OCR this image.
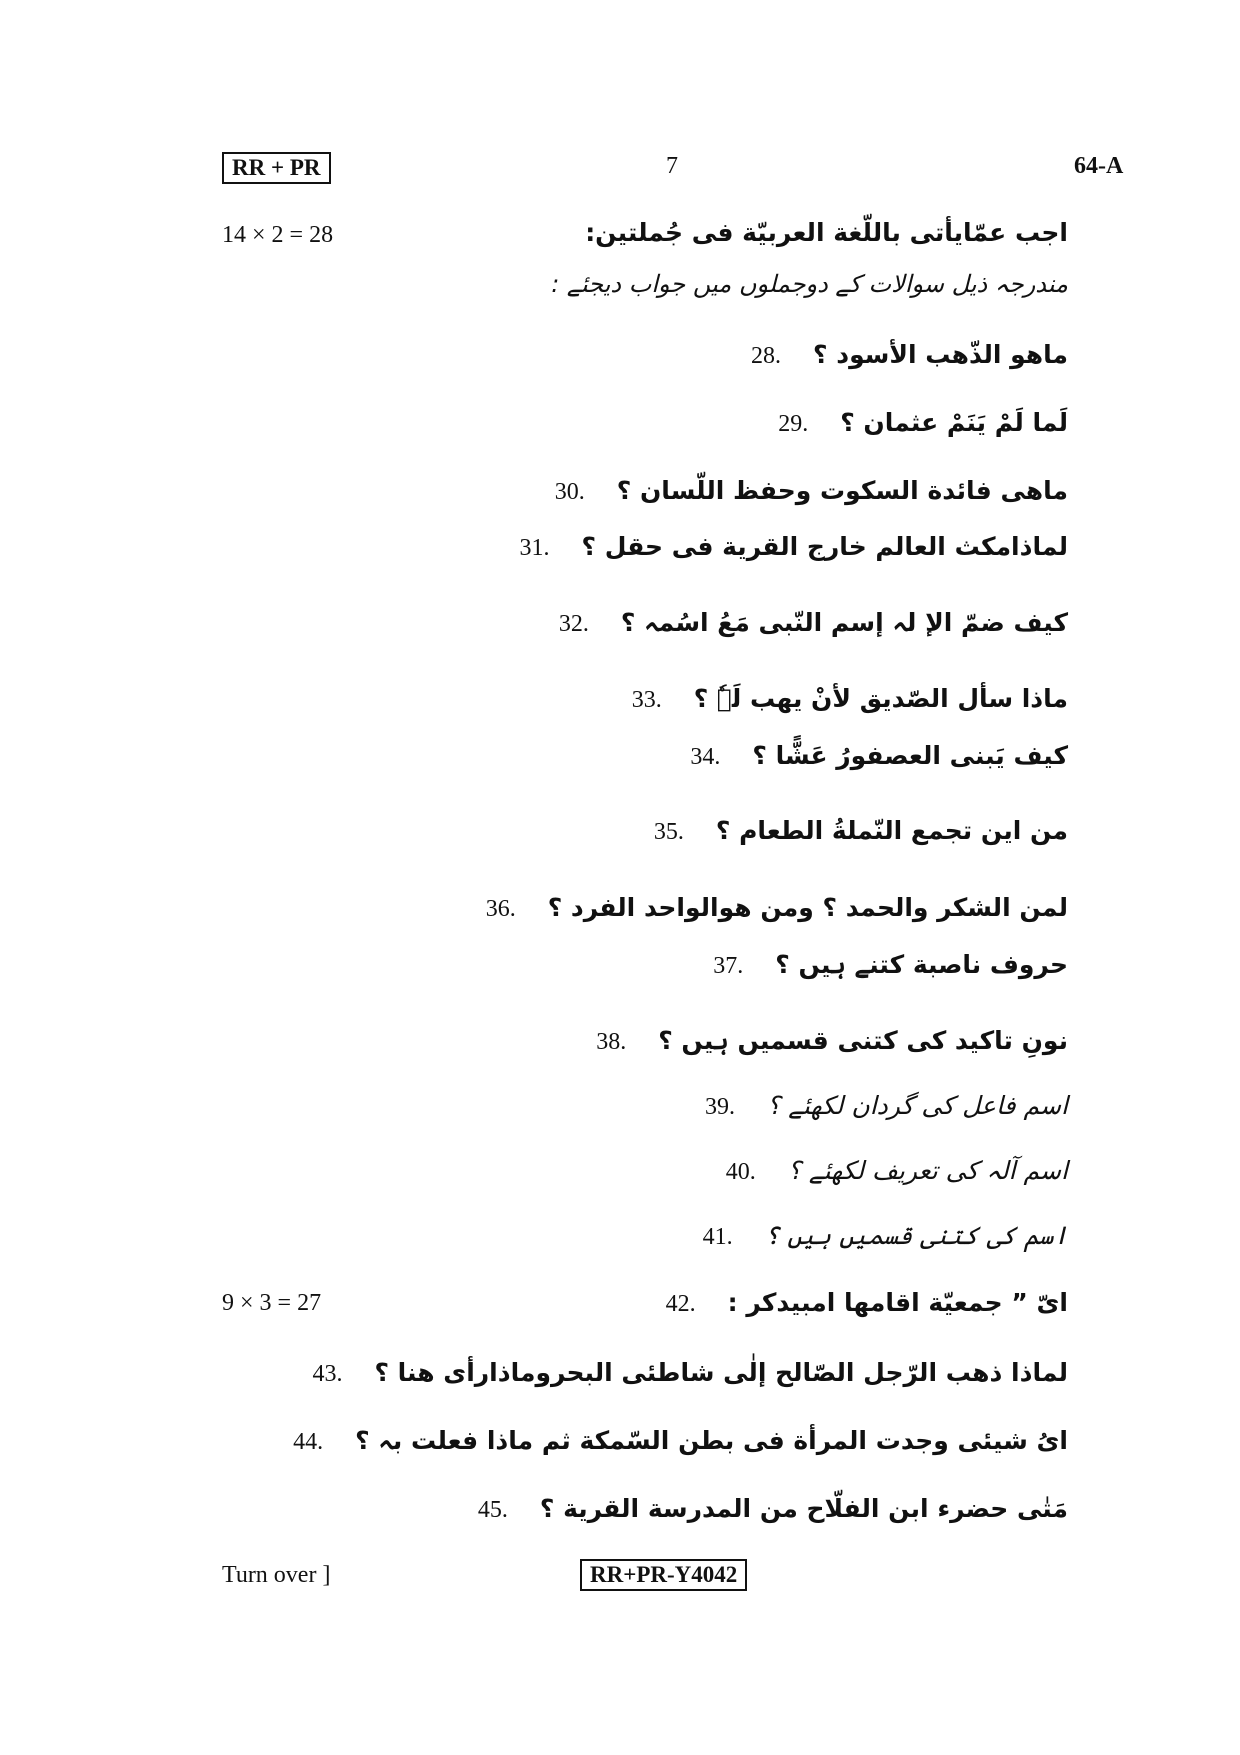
RR + PR	7	64-A
14 × 2 = 28	اجب عمّایأتی باللّغة العربیّة فی جُملتین:
مندرجہ ذیل سوالات کے دوجملوں میں جواب دیجئے :
28.	ماھو الذّھب الأسود ؟
29.	لَما لَمْ یَنَمْ عثمان ؟
30.	ماھی فائدة السکوت وحفظ اللّسان ؟
31.	لماذامکث العالم خارج القریة فی حقل ؟
32.	کیف ضمّ الإ لہ إسم النّبی مَعُ اسُمہ ؟
33.	ماذا سأل الصّدیق لأنْ یھب لَہٗ ؟
34.	کیف یَبنی العصفورُ عَشًّا ؟
35.	من این تجمع النّملةُ الطعام ؟
36.	لمن الشکر والحمد ؟ ومن ھوالواحد الفرد ؟
37.	حروف ناصبة کتنے ہیں ؟
38.	نونِ تاکید کی کتنی قسمیں ہیں ؟
39.	اسم فاعل کی گردان لکھئے ؟
40.	اسم آلہ کی تعریف لکھئے ؟
41.	اسم کی کتنی قسمیں ہیں ؟
9 × 3 = 27	42.	ایّ ” جمعیّة اقامھا امبیدکر :
43.	لماذا ذھب الرّجل الصّالح إلٰی شاطئی البحروماذارأی ھنا ؟
44.	ایُ شیئی وجدت المرأة فی بطن السّمکة ثم ماذا فعلت بہ ؟
45.	مَتٰی حضرء ابن الفلّاح من المدرسة القریة ؟
Turn over ]	RR+PR-Y4042
